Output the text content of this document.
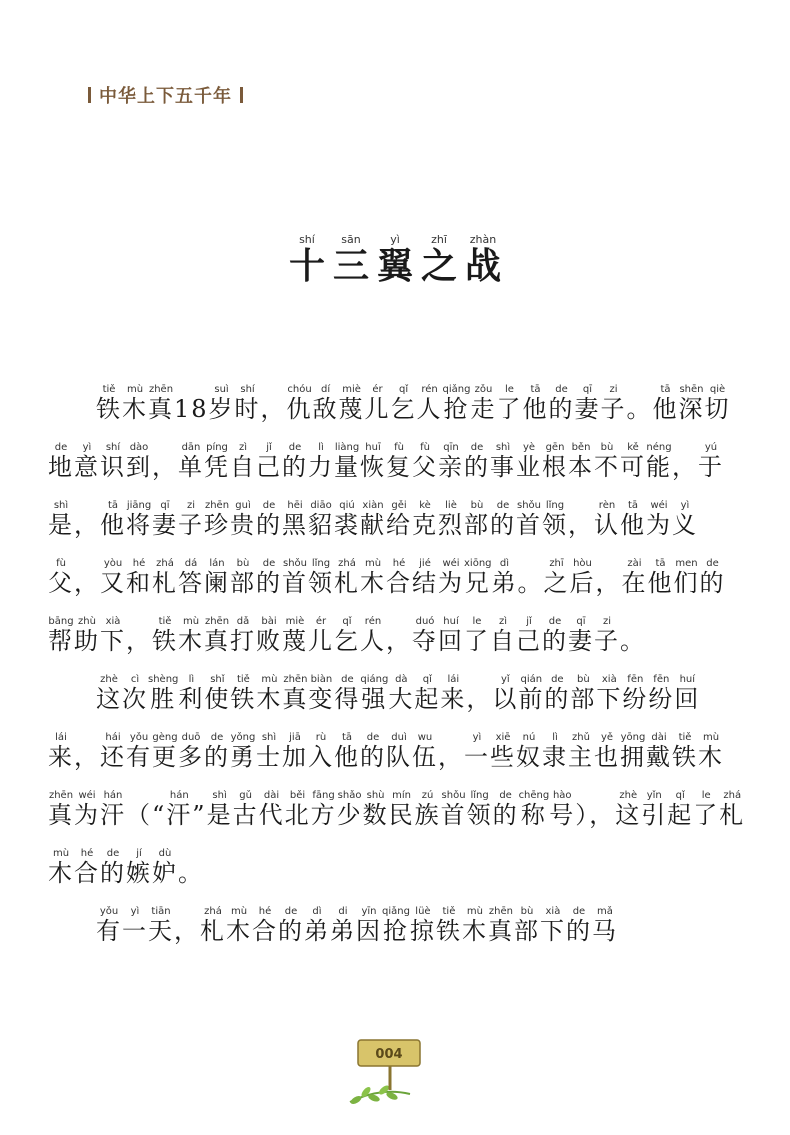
中华上下五千年
十shí三sān翼yì之zhī战zhàn

铁tiě木mù真zhēn18岁suì时shí，仇chóu敌dí蔑miè儿ér乞qǐ人rén抢qiǎng走zǒu了le他tā的de妻qī子zi。他tā深shēn切qiè地de意yì识shí到dào，单dān凭píng自zì己jǐ的de力lì量liàng恢huī复fù父fù亲qīn的de事shì业yè根gēn本běn不bù可kě能néng，于yú是shì，他tā将jiāng妻qī子zi珍zhēn贵guì的de黑hēi貂diāo裘qiú献xiàn给gěi克kè烈liè部bù的de首shǒu领lǐng，认rèn他tā为wéi义yì父fù，又yòu和hé札zhá答dá阑lán部bù的de首shǒu领lǐng札zhá木mù合hé结jié为wéi兄xiōng弟dì。之zhī后hòu，在zài他tā们men的de帮bāng助zhù下xià，铁tiě木mù真zhēn打dǎ败bài蔑miè儿ér乞qǐ人rén，夺duó回huí了le自zì己jǐ的de妻qī子zi。

这zhè次cì胜shèng利lì使shǐ铁tiě木mù真zhēn变biàn得de强qiáng大dà起qǐ来lái，以yǐ前qián的de部bù下xià纷fēn纷fēn回huí来lái，还hái有yǒu更gèng多duō的de勇yǒng士shì加jiā入rù他tā的de队duì伍wu，一yì些xiē奴nú隶lì主zhǔ也yě拥yōng戴dài铁tiě木mù真zhēn为wéi汗hán（“汗hán”是shì古gǔ代dài北běi方fāng少shǎo数shù民mín族zú首shǒu领lǐng的de称chēng号hào），这zhè引yǐn起qǐ了le札zhá木mù合hé的de嫉jí妒dù。

有yǒu一yì天tiān，札zhá木mù合hé的de弟dì弟di因yīn抢qiǎng掠lüè铁tiě木mù真zhēn部bù下xià的de马mǎ

004
